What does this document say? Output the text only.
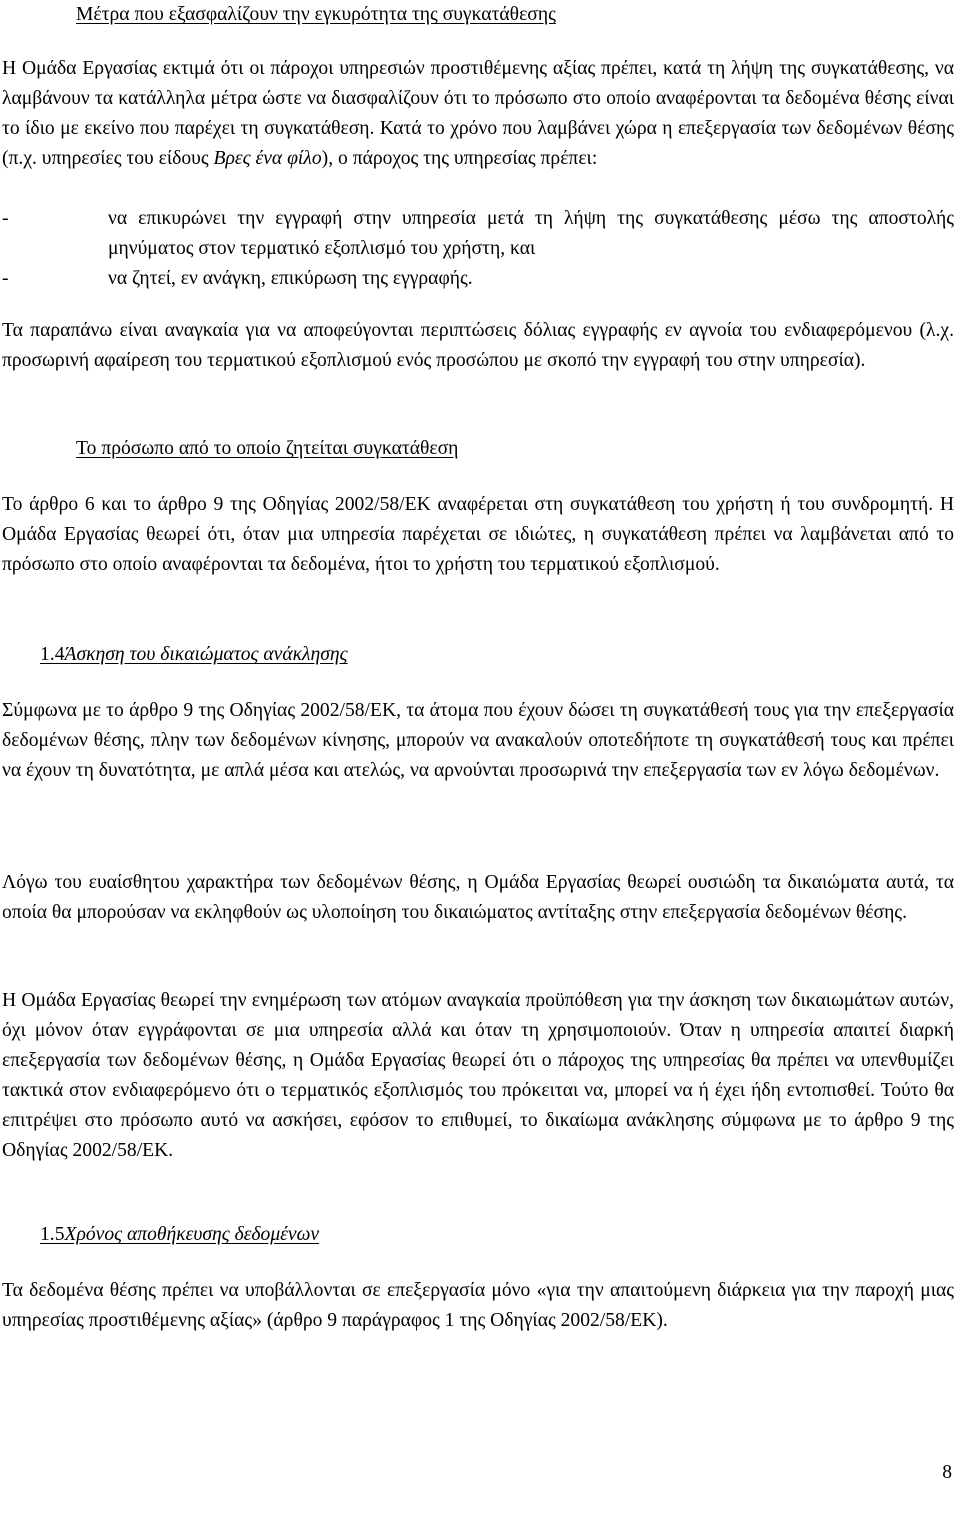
Μέτρα που εξασφαλίζουν την εγκυρότητα της συγκατάθεσης

Η Ομάδα Εργασίας εκτιμά ότι οι πάροχοι υπηρεσιών προστιθέμενης αξίας πρέπει, κατά τη λήψη της συγκατάθεσης, να λαμβάνουν τα κατάλληλα μέτρα ώστε να διασφαλίζουν ότι το πρόσωπο στο οποίο αναφέρονται τα δεδομένα θέσης είναι το ίδιο με εκείνο που παρέχει τη συγκατάθεση. Κατά το χρόνο που λαμβάνει χώρα η επεξεργασία των δεδομένων θέσης (π.χ. υπηρεσίες του είδους Βρες ένα φίλο), ο πάροχος της υπηρεσίας πρέπει:

-	να επικυρώνει την εγγραφή στην υπηρεσία μετά τη λήψη της συγκατάθεσης μέσω της αποστολής μηνύματος στον τερματικό εξοπλισμό του χρήστη, και
-	να ζητεί, εν ανάγκη, επικύρωση της εγγραφής.

Τα παραπάνω είναι αναγκαία για να αποφεύγονται περιπτώσεις δόλιας εγγραφής εν αγνοία του ενδιαφερόμενου (λ.χ. προσωρινή αφαίρεση του τερματικού εξοπλισμού ενός προσώπου με σκοπό την εγγραφή του στην υπηρεσία).

Το πρόσωπο από το οποίο ζητείται συγκατάθεση

Το άρθρο 6 και το άρθρο 9 της Οδηγίας 2002/58/ΕΚ αναφέρεται στη συγκατάθεση του χρήστη ή του συνδρομητή. Η Ομάδα Εργασίας θεωρεί ότι, όταν μια υπηρεσία παρέχεται σε ιδιώτες, η συγκατάθεση πρέπει να λαμβάνεται από το πρόσωπο στο οποίο αναφέρονται τα δεδομένα, ήτοι το χρήστη του τερματικού εξοπλισμού.

1.4Άσκηση του δικαιώματος ανάκλησης

Σύμφωνα με το άρθρο 9 της Οδηγίας 2002/58/ΕΚ, τα άτομα που έχουν δώσει τη συγκατάθεσή τους για την επεξεργασία δεδομένων θέσης, πλην των δεδομένων κίνησης, μπορούν να ανακαλούν οποτεδήποτε τη συγκατάθεσή τους και πρέπει να έχουν τη δυνατότητα, με απλά μέσα και ατελώς, να αρνούνται προσωρινά την επεξεργασία των εν λόγω δεδομένων.

Λόγω του ευαίσθητου χαρακτήρα των δεδομένων θέσης, η Ομάδα Εργασίας θεωρεί ουσιώδη τα δικαιώματα αυτά, τα οποία θα μπορούσαν να εκληφθούν ως υλοποίηση του δικαιώματος αντίταξης στην επεξεργασία δεδομένων θέσης.

Η Ομάδα Εργασίας θεωρεί την ενημέρωση των ατόμων αναγκαία προϋπόθεση για την άσκηση των δικαιωμάτων αυτών, όχι μόνον όταν εγγράφονται σε μια υπηρεσία αλλά και όταν τη χρησιμοποιούν. Όταν η υπηρεσία απαιτεί διαρκή επεξεργασία των δεδομένων θέσης, η Ομάδα Εργασίας θεωρεί ότι ο πάροχος της υπηρεσίας θα πρέπει να υπενθυμίζει τακτικά στον ενδιαφερόμενο ότι ο τερματικός εξοπλισμός του πρόκειται να, μπορεί να ή έχει ήδη εντοπισθεί. Τούτο θα επιτρέψει στο πρόσωπο αυτό να ασκήσει, εφόσον το επιθυμεί, το δικαίωμα ανάκλησης σύμφωνα με το άρθρο 9 της Οδηγίας 2002/58/ΕΚ.

1.5Χρόνος αποθήκευσης δεδομένων

Τα δεδομένα θέσης πρέπει να υποβάλλονται σε επεξεργασία μόνο «για την απαιτούμενη διάρκεια για την παροχή μιας υπηρεσίας προστιθέμενης αξίας» (άρθρο 9 παράγραφος 1 της Οδηγίας 2002/58/ΕΚ).

8
